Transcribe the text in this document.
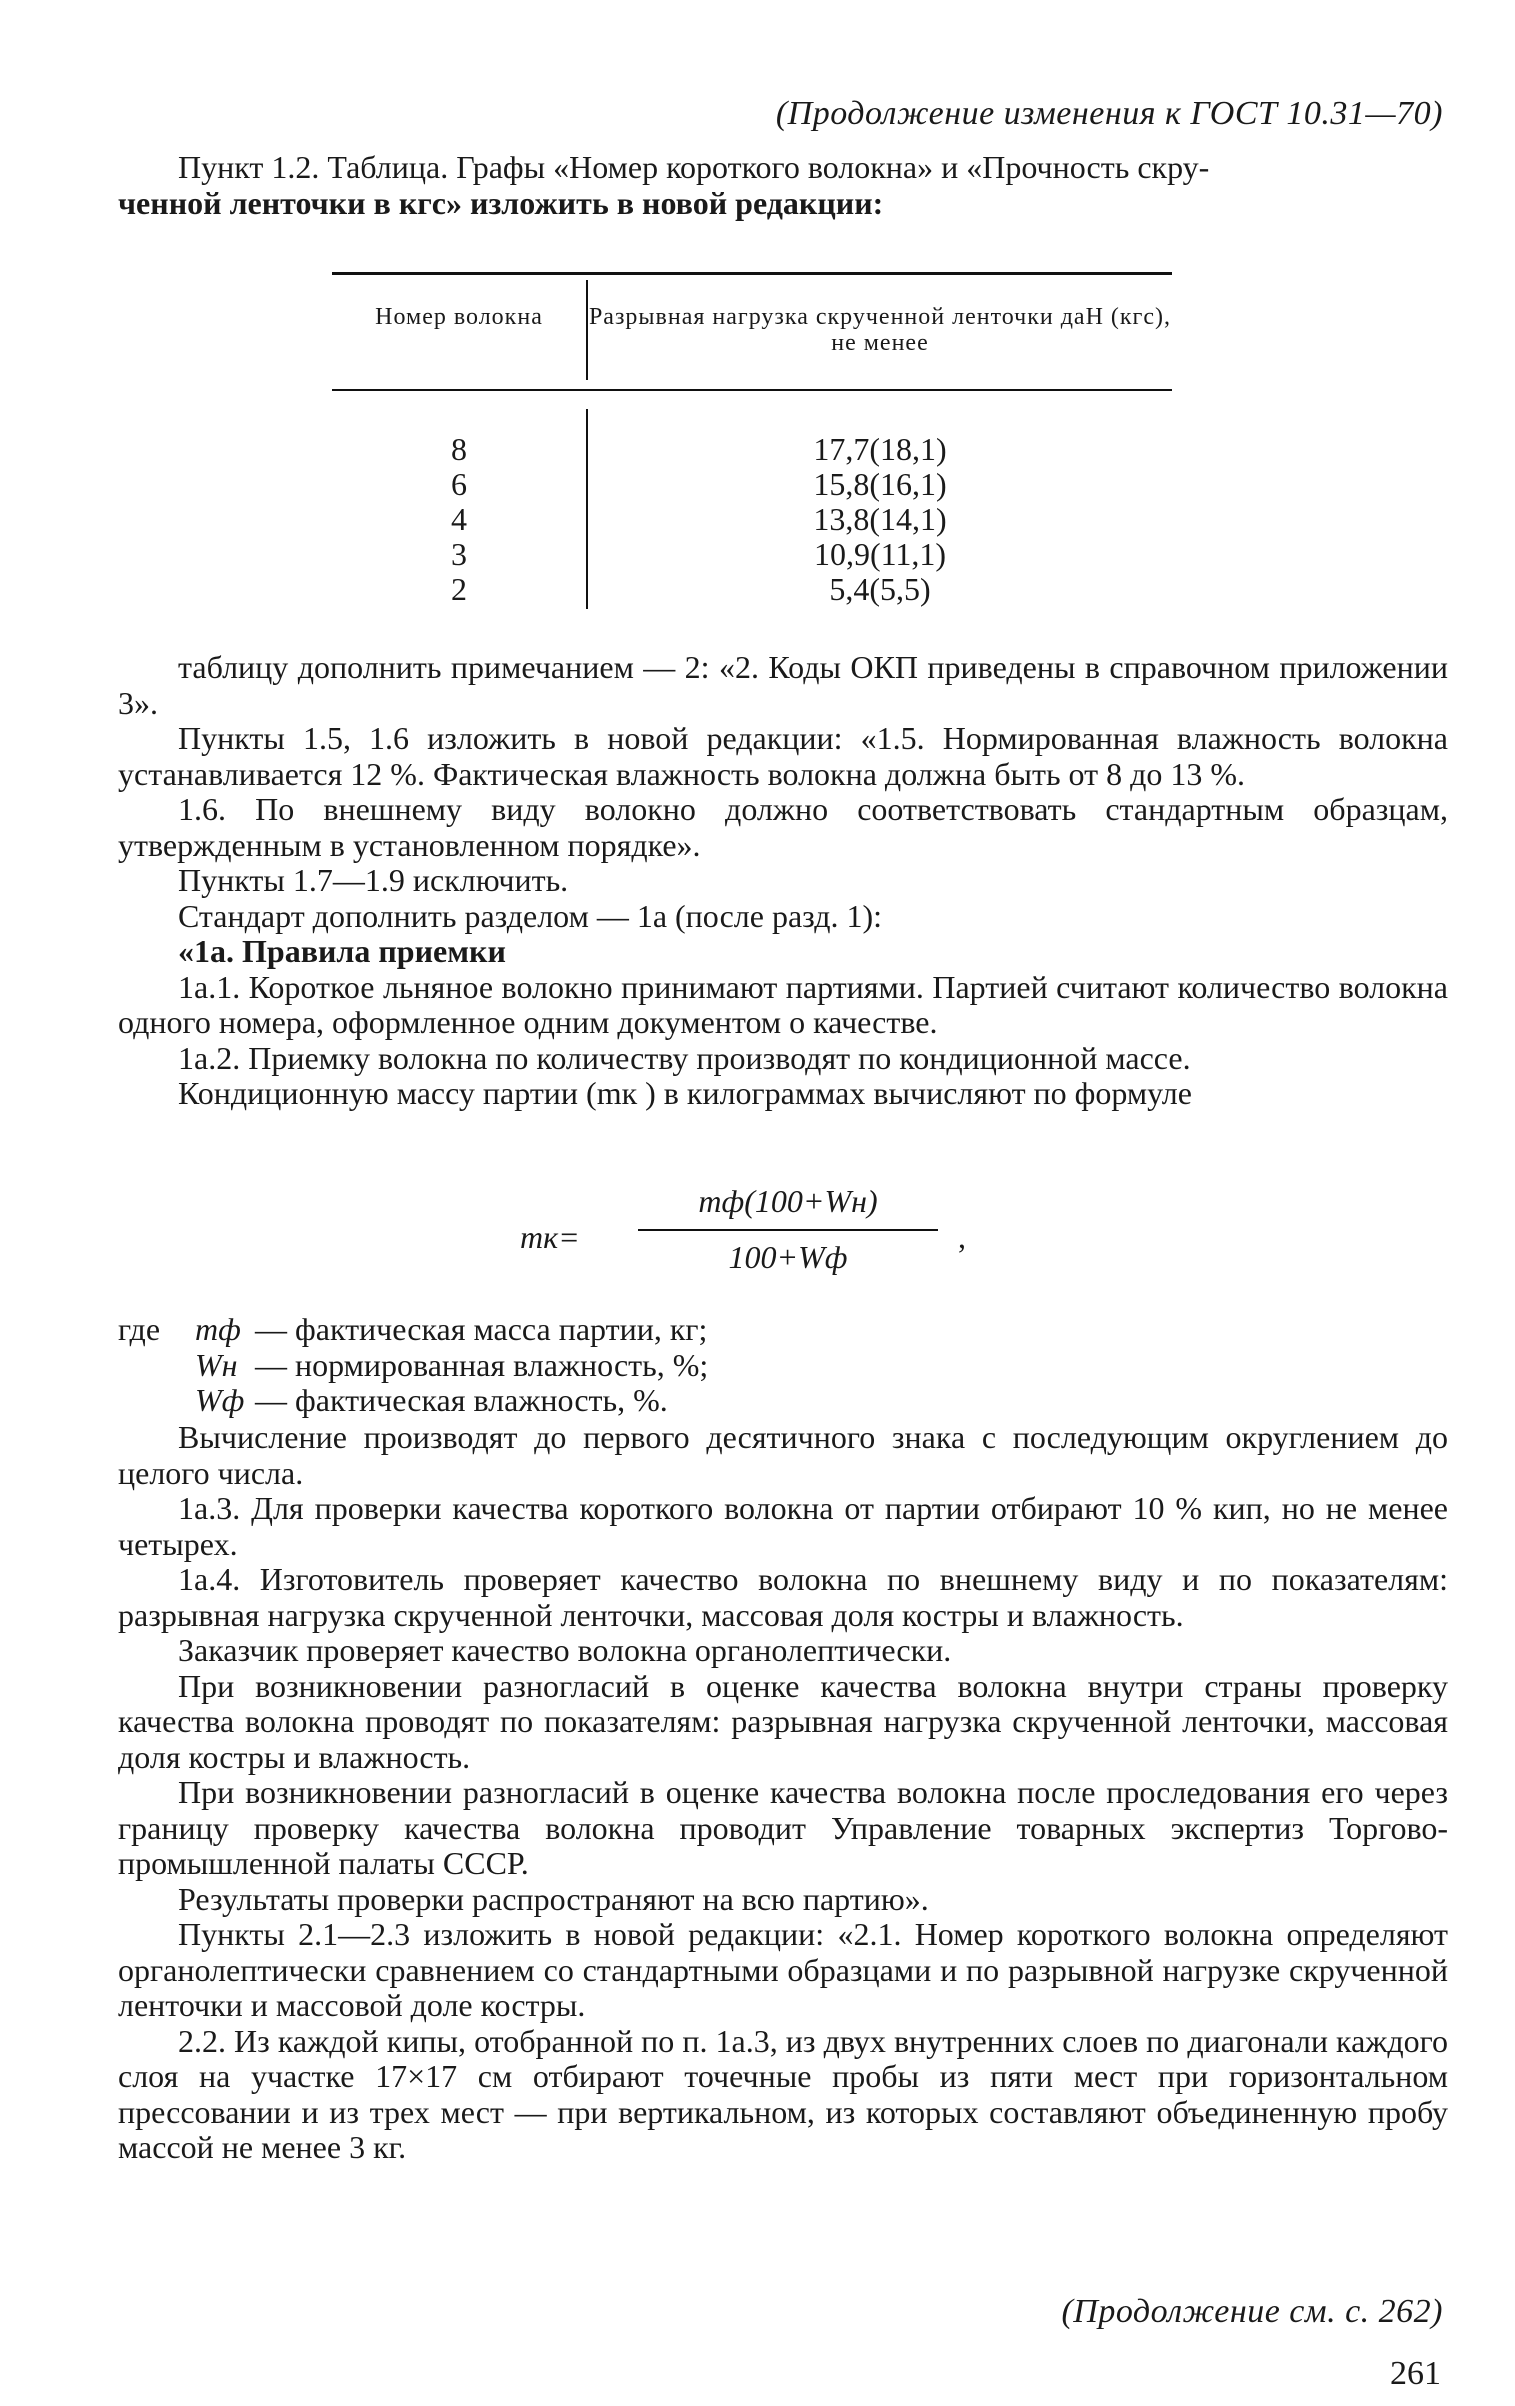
(Продолжение изменения к ГОСТ 10.31—70)

Пункт 1.2. Таблица. Графы «Номер короткого волокна» и «Прочность скру-

ченной ленточки в кгс» изложить в новой редакции:

Номер волокна	Разрывная нагрузка скрученной ленточки даН (кгс), не менее
8
6
4
3
2
17,7(18,1)
15,8(16,1)
13,8(14,1)
10,9(11,1)
5,4(5,5)

таблицу дополнить примечанием — 2: «2. Коды ОКП приведены в справочном приложении 3».

Пункты 1.5, 1.6 изложить в новой редакции: «1.5. Нормированная влажность волокна устанавливается 12 %. Фактическая влажность волокна должна быть от 8 до 13 %.

1.6. По внешнему виду волокно должно соответствовать стандартным образцам, утвержденным в установленном порядке».

Пункты 1.7—1.9 исключить.

Стандарт дополнить разделом — 1а (после разд. 1):

«1а. Правила приемки

1а.1. Короткое льняное волокно принимают партиями. Партией считают количество волокна одного номера, оформленное одним документом о качестве.

1а.2. Приемку волокна по количеству производят по кондиционной массе.

Кондиционную массу партии (mк ) в килограммах вычисляют по формуле

mк=
mф(100+Wн)
100+Wф
,
где	mф — фактическая масса партии, кг;
Wн — нормированная влажность, %;
Wф — фактическая влажность, %.

Вычисление производят до первого десятичного знака с последующим округлением до целого числа.

1а.3. Для проверки качества короткого волокна от партии отбирают 10 % кип, но не менее четырех.

1а.4. Изготовитель проверяет качество волокна по внешнему виду и по показателям: разрывная нагрузка скрученной ленточки, массовая доля костры и влажность.

Заказчик проверяет качество волокна органолептически.

При возникновении разногласий в оценке качества волокна внутри страны проверку качества волокна проводят по показателям: разрывная нагрузка скрученной ленточки, массовая доля костры и влажность.

При возникновении разногласий в оценке качества волокна после проследования его через границу проверку качества волокна проводит Управление товарных экспертиз Торгово-промышленной палаты СССР.

Результаты проверки распространяют на всю партию».

Пункты 2.1—2.3 изложить в новой редакции: «2.1. Номер короткого волокна определяют органолептически сравнением со стандартными образцами и по разрывной нагрузке скрученной ленточки и массовой доле костры.

2.2. Из каждой кипы, отобранной по п. 1а.3, из двух внутренних слоев по диагонали каждого слоя на участке 17×17 см отбирают точечные пробы из пяти мест при горизонтальном прессовании и из трех мест — при вертикальном, из которых составляют объединенную пробу массой не менее 3 кг.

(Продолжение см. с. 262)
261
